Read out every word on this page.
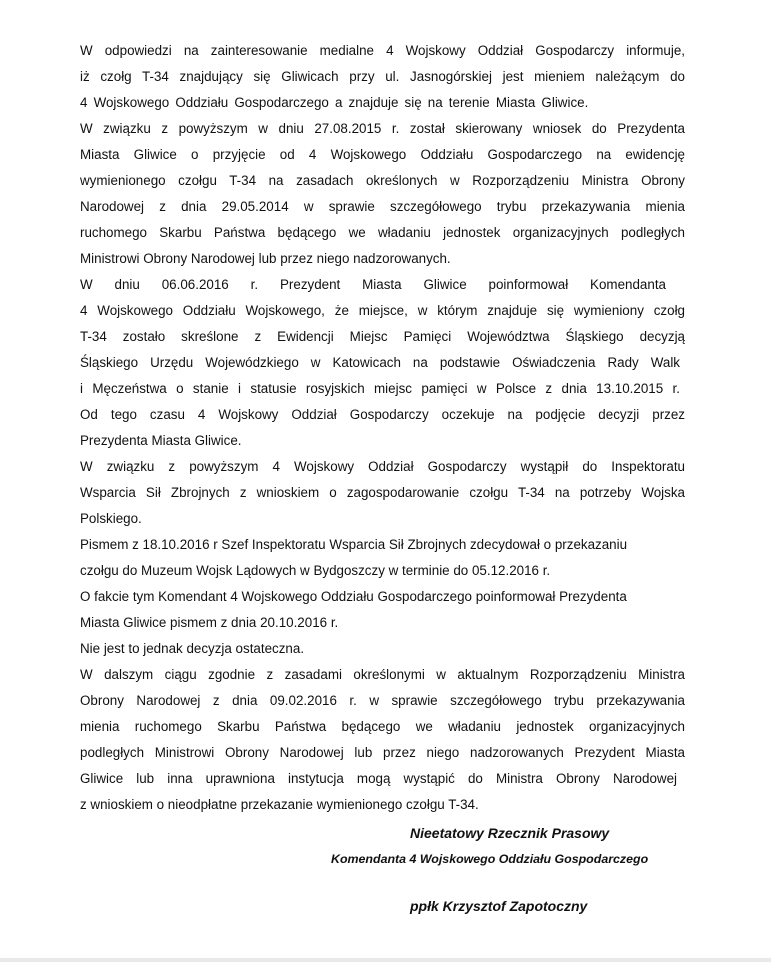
W odpowiedzi na zainteresowanie medialne 4 Wojskowy Oddział Gospodarczy informuje,
iż czołg T-34 znajdujący się Gliwicach przy ul. Jasnogórskiej jest mieniem należącym do
4 Wojskowego Oddziału Gospodarczego a znajduje się na terenie Miasta Gliwice.
W związku z powyższym w dniu 27.08.2015 r. został skierowany wniosek do Prezydenta
Miasta Gliwice o przyjęcie od 4 Wojskowego Oddziału Gospodarczego na ewidencję
wymienionego czołgu T-34 na zasadach określonych w Rozporządzeniu Ministra Obrony
Narodowej z dnia 29.05.2014 w sprawie szczegółowego trybu przekazywania mienia
ruchomego Skarbu Państwa będącego we władaniu jednostek organizacyjnych podległych
Ministrowi Obrony Narodowej lub przez niego nadzorowanych.
W dniu 06.06.2016 r. Prezydent Miasta Gliwice poinformował Komendanta
4 Wojskowego Oddziału Wojskowego, że miejsce, w którym znajduje się wymieniony czołg
T-34 zostało skreślone z Ewidencji Miejsc Pamięci Województwa Śląskiego decyzją
Śląskiego Urzędu Wojewódzkiego w Katowicach na podstawie Oświadczenia Rady Walk
i Męczeństwa o stanie i statusie rosyjskich miejsc pamięci w Polsce z dnia 13.10.2015 r.
Od tego czasu 4 Wojskowy Oddział Gospodarczy oczekuje na podjęcie decyzji przez
Prezydenta Miasta Gliwice.
W związku z powyższym 4 Wojskowy Oddział Gospodarczy wystąpił do Inspektoratu
Wsparcia Sił Zbrojnych z wnioskiem o zagospodarowanie czołgu T-34 na potrzeby Wojska
Polskiego.
Pismem z 18.10.2016 r Szef Inspektoratu Wsparcia Sił Zbrojnych zdecydował o przekazaniu
czołgu do Muzeum Wojsk Lądowych w Bydgoszczy w terminie do 05.12.2016 r.
O fakcie tym Komendant 4 Wojskowego Oddziału Gospodarczego poinformował Prezydenta
Miasta Gliwice pismem z dnia 20.10.2016 r.
Nie jest to jednak decyzja ostateczna.
W dalszym ciągu zgodnie z zasadami określonymi w aktualnym Rozporządzeniu Ministra
Obrony Narodowej z dnia 09.02.2016 r. w sprawie szczegółowego trybu przekazywania
mienia ruchomego Skarbu Państwa będącego we władaniu jednostek organizacyjnych
podległych Ministrowi Obrony Narodowej lub przez niego nadzorowanych Prezydent Miasta
Gliwice lub inna uprawniona instytucja mogą wystąpić do Ministra Obrony Narodowej
z wnioskiem o nieodpłatne przekazanie wymienionego czołgu T-34.
Nieetatowy Rzecznik Prasowy
Komendanta 4 Wojskowego Oddziału Gospodarczego
ppłk Krzysztof Zapotoczny
